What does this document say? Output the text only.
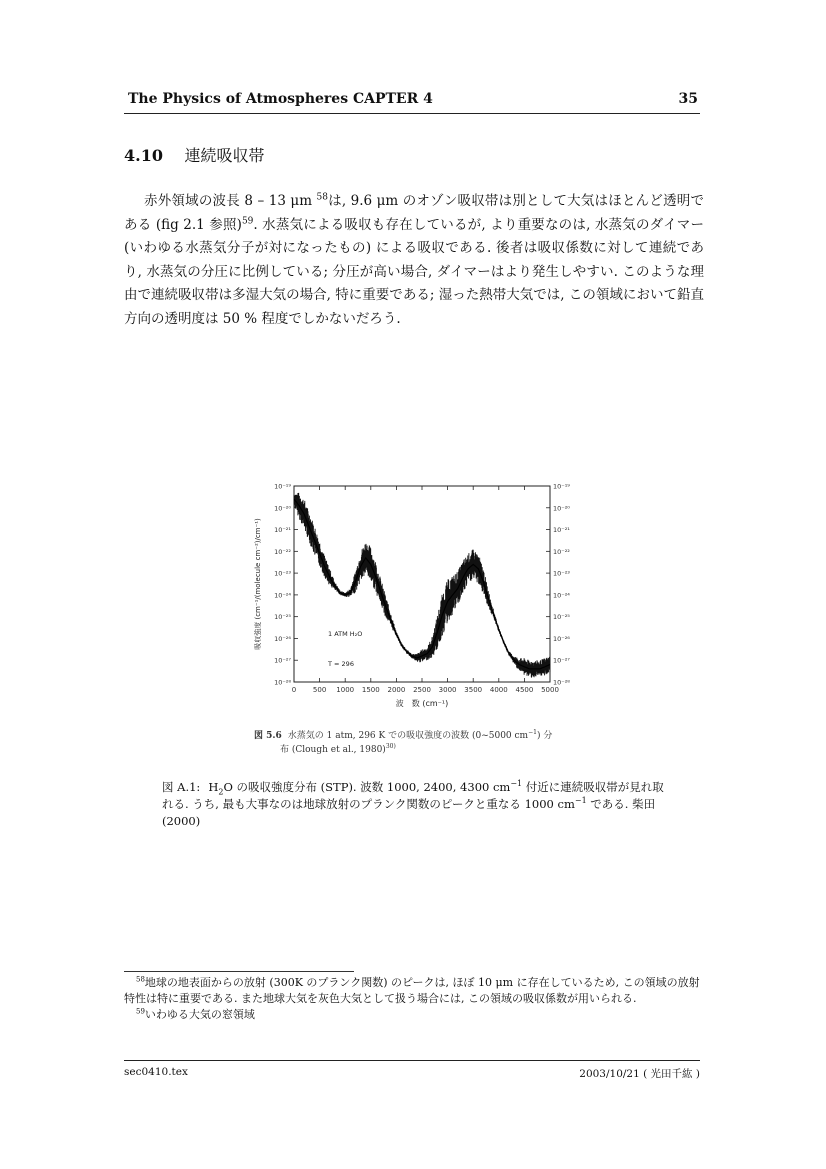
The Physics of Atmospheres CAPTER 4	35
4.10 連続吸収帯
赤外領域の波長 8 – 13 μm $^{58}$は, 9.6 μm のオゾン吸収帯は別として大気はほとんど透明である (fig 2.1 参照)$^{59}$. 水蒸気による吸収も存在しているが, より重要なのは, 水蒸気のダイマー (いわゆる水蒸気分子が対になったもの) による吸収である. 後者は吸収係数に対して連続であり, 水蒸気の分圧に比例している; 分圧が高い場合, ダイマーはより発生しやすい. このような理由で連続吸収帯は多湿大気の場合, 特に重要である; 湿った熱帯大気では, この領域において鉛直方向の透明度は 50 % 程度でしかないだろう.
0 500 1000 1500 2000 2500 3000 3500 4000 4500 5000
10⁻¹⁹	10⁻¹⁹
10⁻²⁰	10⁻²⁰
10⁻²¹	10⁻²¹
10⁻²²	10⁻²²
10⁻²³	10⁻²³
10⁻²⁴	10⁻²⁴
10⁻²⁵	10⁻²⁵
10⁻²⁶	10⁻²⁶
10⁻²⁷	10⁻²⁷
10⁻²⁸	10⁻²⁸
1 ATM H₂O
T = 296
波　数 (cm⁻¹)
吸収強度 (cm⁻¹/(molecule cm⁻²)/cm⁻¹)
図 5.6 水蒸気の 1 atm, 296 K での吸収強度の波数 (0~5000 $cm^{-1}$) 分
布 (Clough et al., 1980)$^{30)}$
図 A.1: $H_2O$ の吸収強度分布 (STP). 波数 1000, 2400, 4300 $cm^{-1}$ 付近に連続吸収帯が見れ取れる. うち, 最も大事なのは地球放射のプランク関数のピークと重なる 1000 $cm^{-1}$ である. 柴田 (2000)

$^{58}$地球の地表面からの放射 (300K のプランク関数) のピークは, ほぼ 10 μm に存在しているため, この領域の放射特性は特に重要である. また地球大気を灰色大気として扱う場合には, この領域の吸収係数が用いられる.

$^{59}$いわゆる大気の窓領域

sec0410.tex	2003/10/21 ( 光田千紘 )
